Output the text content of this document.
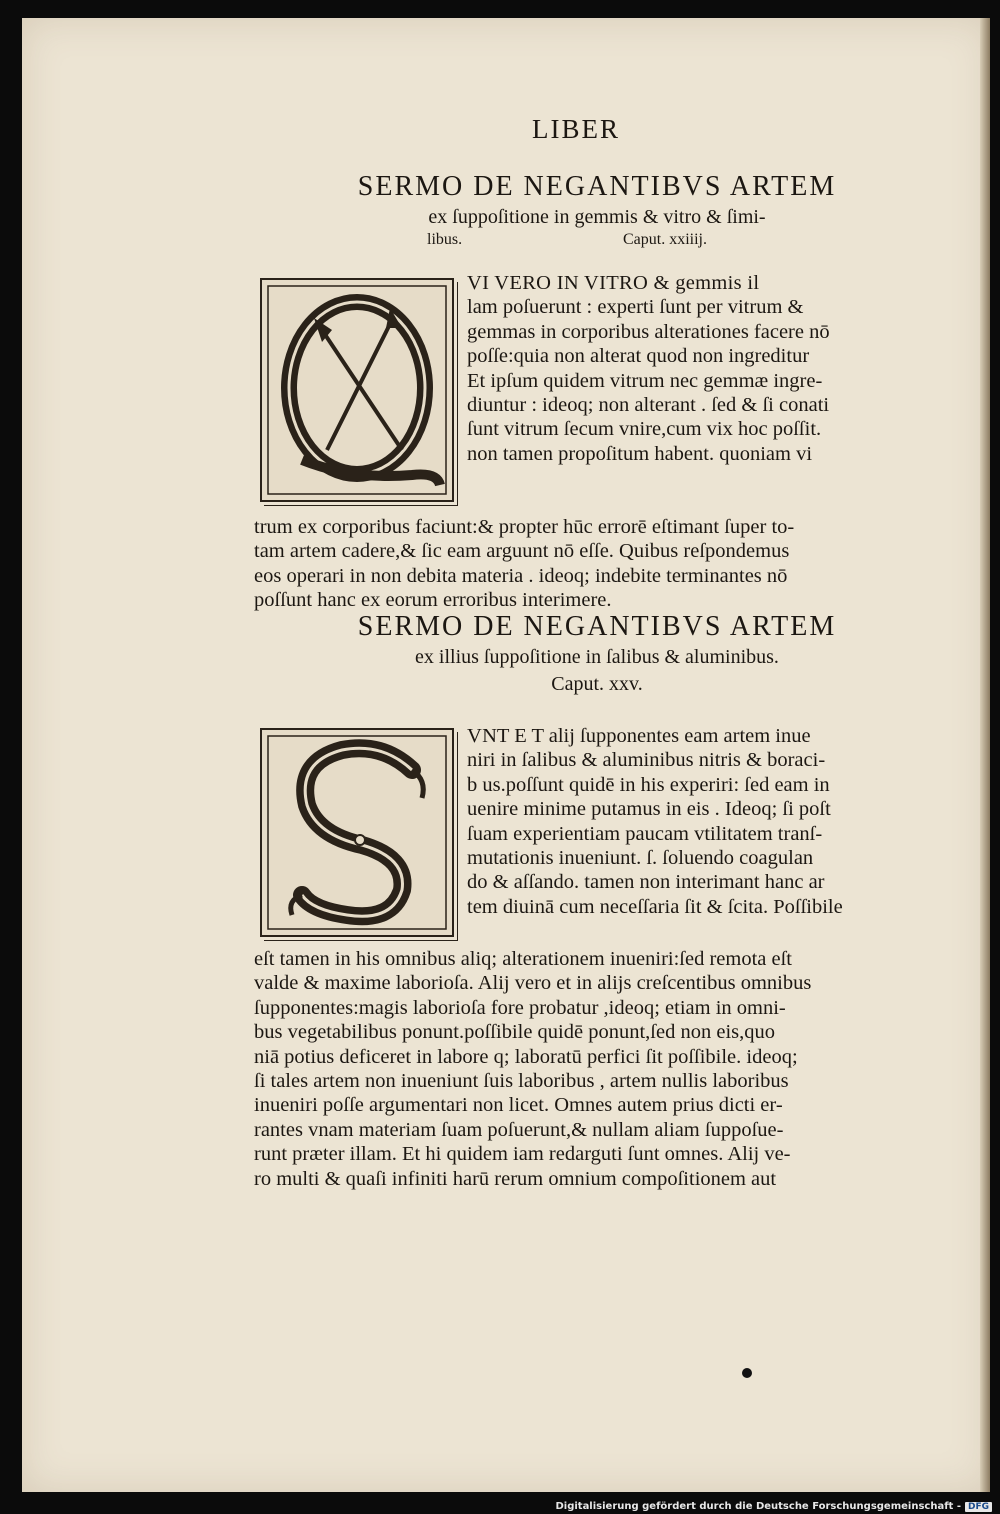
LIBER
SERMO DE NEGANTIBVS ARTEM
ex ſuppoſitione in gemmis & vitro & ſimi-
libus.	Caput. xxiiij.
VI VERO IN VITRO & gemmis il
lam poſuerunt : experti ſunt per vitrum &
gemmas in corporibus alterationes facere nō
poſſe:quia non alterat quod non ingreditur
Et ipſum quidem vitrum nec gemmæ ingre-
diuntur : ideoq; non alterant . ſed & ſi conati
ſunt vitrum ſecum vnire,cum vix hoc poſſit.
non tamen propoſitum habent. quoniam vi
trum ex corporibus faciunt:& propter hūc errorē eſtimant ſuper to-
tam artem cadere,& ſic eam arguunt nō eſſe. Quibus reſpondemus
eos operari in non debita materia . ideoq; indebite terminantes nō
poſſunt hanc ex eorum erroribus interimere.
SERMO DE NEGANTIBVS ARTEM
ex illius ſuppoſitione in ſalibus & aluminibus.
Caput. xxv.
VNT E T alij ſupponentes eam artem inue
niri in ſalibus & aluminibus nitris & boraci-
b us.poſſunt quidē in his experiri: ſed eam in
uenire minime putamus in eis . Ideoq; ſi poſt
ſuam experientiam paucam vtilitatem tranſ-
mutationis inueniunt. ſ. ſoluendo coagulan
do & aſſando. tamen non interimant hanc ar
tem diuinā cum neceſſaria ſit & ſcita. Poſſibile
eſt tamen in his omnibus aliq; alterationem inueniri:ſed remota eſt
valde & maxime laborioſa. Alij vero et in alijs creſcentibus omnibus
ſupponentes:magis laborioſa fore probatur ,ideoq; etiam in omni-
bus vegetabilibus ponunt.poſſibile quidē ponunt,ſed non eis,quo
niā potius deficeret in labore q; laboratū perfici ſit poſſibile. ideoq;
ſi tales artem non inueniunt ſuis laboribus , artem nullis laboribus
inueniri poſſe argumentari non licet. Omnes autem prius dicti er-
rantes vnam materiam ſuam poſuerunt,& nullam aliam ſuppoſue-
runt præter illam. Et hi quidem iam redarguti ſunt omnes. Alij ve-
ro multi & quaſi infiniti harū rerum omnium compoſitionem aut
Digitalisierung gefördert durch die Deutsche Forschungsgemeinschaft - DFG
